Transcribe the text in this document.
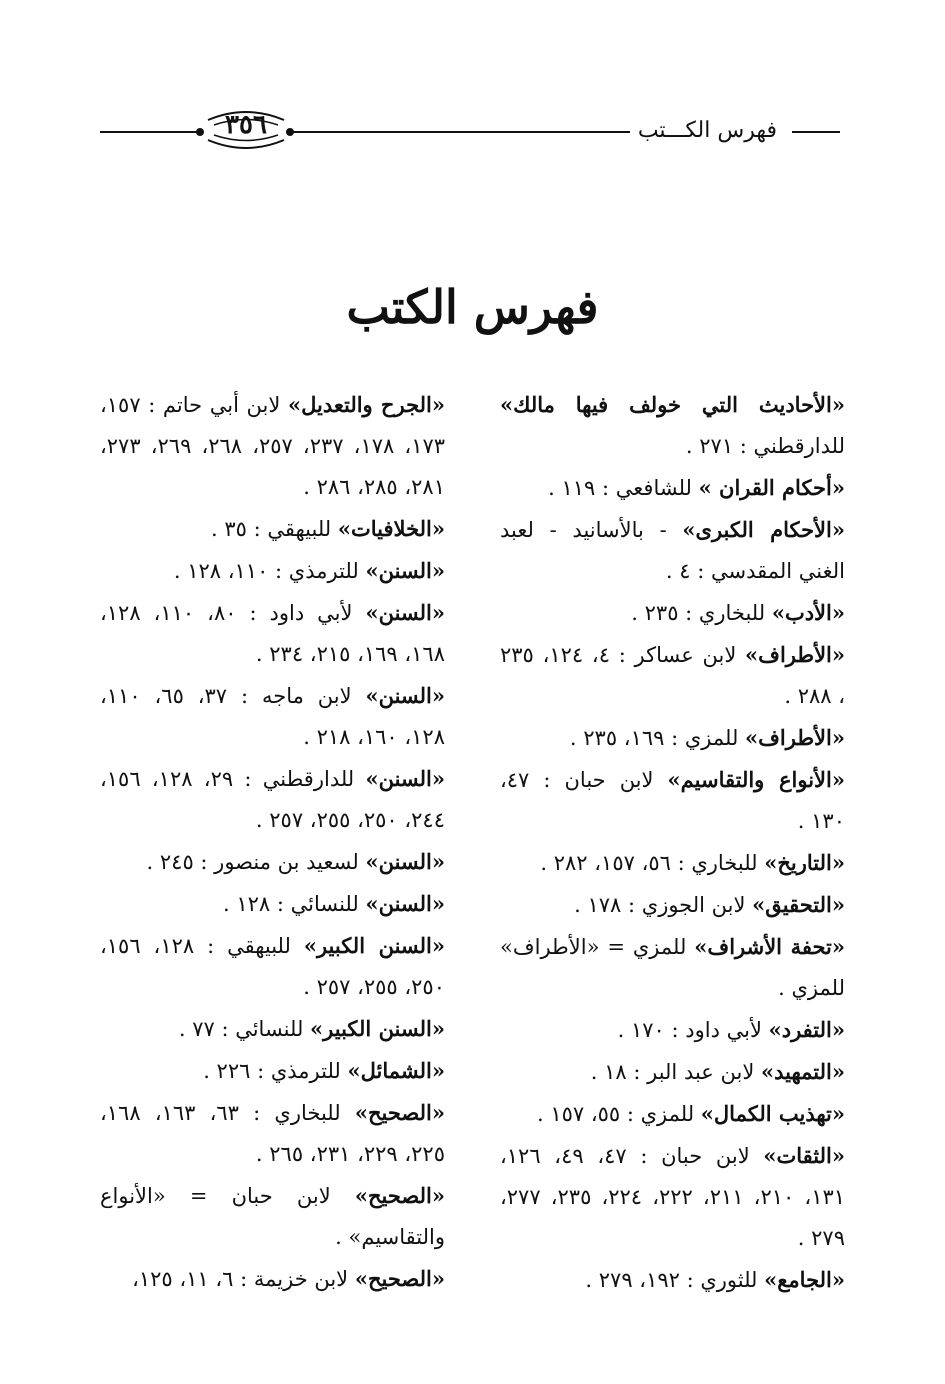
فهرس الكـــتب
٣٥٦
فهرس الكتب

«الأحاديث التي خولف فيها مالك» للدارقطني : ٢٧١ .

«أحكام القران » للشافعي : ١١٩ .

«الأحكام الكبرى» - بالأسانيد - لعبد الغني المقدسي : ٤ .

«الأدب» للبخاري : ٢٣٥ .

«الأطراف» لابن عساكر : ٤، ١٢٤، ٢٣٥ ، ٢٨٨ .

«الأطراف» للمزي : ١٦٩، ٢٣٥ .

«الأنواع والتقاسيم» لابن حبان : ٤٧، ١٣٠ .

«التاريخ» للبخاري : ٥٦، ١٥٧، ٢٨٢ .

«التحقيق» لابن الجوزي : ١٧٨ .

«تحفة الأشراف» للمزي = «الأطراف» للمزي .

«التفرد» لأبي داود : ١٧٠ .

«التمهيد» لابن عبد البر : ١٨ .

«تهذيب الكمال» للمزي : ٥٥، ١٥٧ .

«الثقات» لابن حبان : ٤٧، ٤٩، ١٢٦، ١٣١، ٢١٠، ٢١١، ٢٢٢، ٢٢٤، ٢٣٥، ٢٧٧، ٢٧٩ .

«الجامع» للثوري : ١٩٢، ٢٧٩ .

«الجرح والتعديل» لابن أبي حاتم : ١٥٧، ١٧٣، ١٧٨، ٢٣٧، ٢٥٧، ٢٦٨، ٢٦٩، ٢٧٣، ٢٨١، ٢٨٥، ٢٨٦ .

«الخلافيات» للبيهقي : ٣٥ .

«السنن» للترمذي : ١١٠، ١٢٨ .

«السنن» لأبي داود : ٨٠، ١١٠، ١٢٨، ١٦٨، ١٦٩، ٢١٥، ٢٣٤ .

«السنن» لابن ماجه : ٣٧، ٦٥، ١١٠، ١٢٨، ١٦٠، ٢١٨ .

«السنن» للدارقطني : ٢٩، ١٢٨، ١٥٦، ٢٤٤، ٢٥٠، ٢٥٥، ٢٥٧ .

«السنن» لسعيد بن منصور : ٢٤٥ .

«السنن» للنسائي : ١٢٨ .

«السنن الكبير» للبيهقي : ١٢٨، ١٥٦، ٢٥٠، ٢٥٥، ٢٥٧ .

«السنن الكبير» للنسائي : ٧٧ .

«الشمائل» للترمذي : ٢٢٦ .

«الصحيح» للبخاري : ٦٣، ١٦٣، ١٦٨، ٢٢٥، ٢٢٩، ٢٣١، ٢٦٥ .

«الصحيح» لابن حبان = «الأنواع والتقاسيم» .

«الصحيح» لابن خزيمة : ٦، ١١، ١٢٥،
